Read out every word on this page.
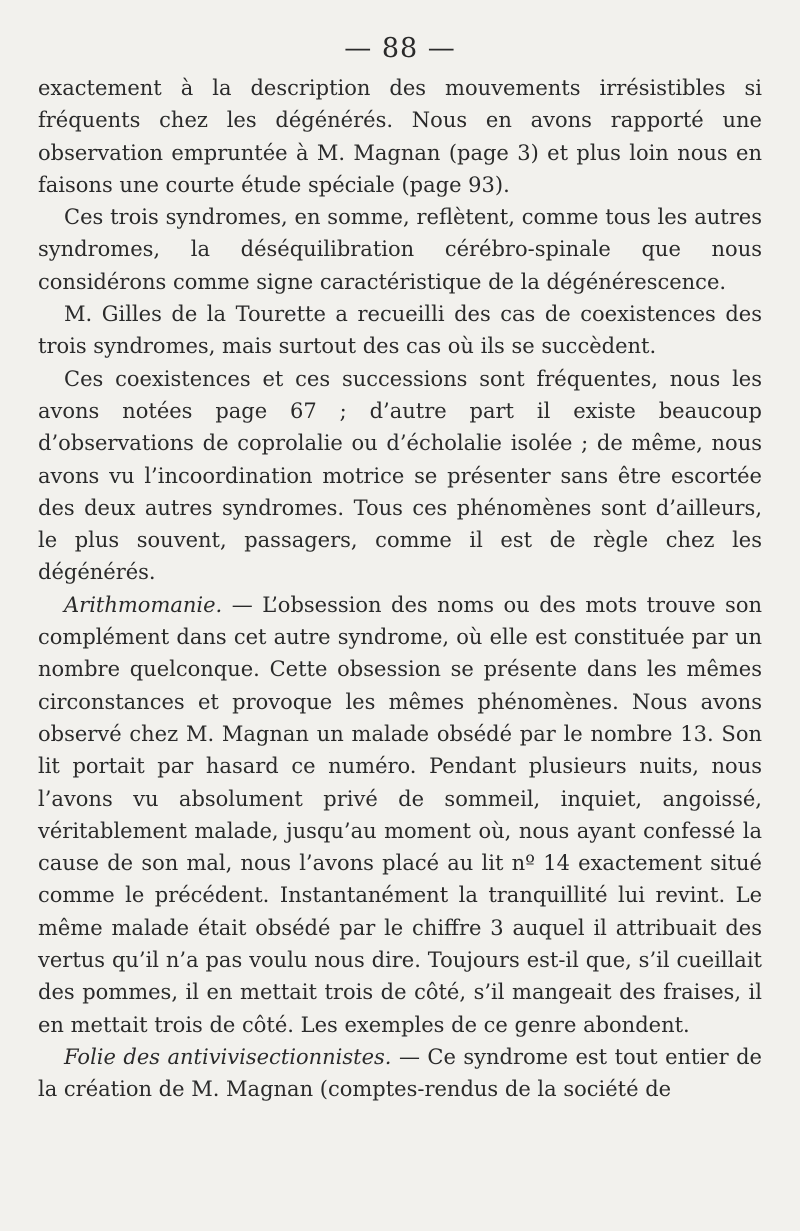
— 88 —

exactement à la description des mouvements irrésistibles si fréquents chez les dégénérés. Nous en avons rapporté une observation empruntée à M. Magnan (page 3) et plus loin nous en faisons une courte étude spéciale (page 93).

Ces trois syndromes, en somme, reflètent, comme tous les autres syndromes, la déséquilibration cérébro-spinale que nous considérons comme signe caractéristique de la dégénérescence.

M. Gilles de la Tourette a recueilli des cas de coexistences des trois syndromes, mais surtout des cas où ils se succèdent.

Ces coexistences et ces successions sont fréquentes, nous les avons notées page 67 ; d’autre part il existe beaucoup d’observations de coprolalie ou d’écholalie isolée ; de même, nous avons vu l’incoordination motrice se présenter sans être escortée des deux autres syndromes. Tous ces phénomènes sont d’ailleurs, le plus souvent, passagers, comme il est de règle chez les dégénérés.

Arithmomanie. — L’obsession des noms ou des mots trouve son complément dans cet autre syndrome, où elle est constituée par un nombre quelconque. Cette obsession se présente dans les mêmes circonstances et provoque les mêmes phénomènes. Nous avons observé chez M. Magnan un malade obsédé par le nombre 13. Son lit portait par hasard ce numéro. Pendant plusieurs nuits, nous l’avons vu absolument privé de sommeil, inquiet, angoissé, véritablement malade, jusqu’au moment où, nous ayant confessé la cause de son mal, nous l’avons placé au lit nº 14 exactement situé comme le précédent. Instantanément la tranquillité lui revint. Le même malade était obsédé par le chiffre 3 auquel il attribuait des vertus qu’il n’a pas voulu nous dire. Toujours est-il que, s’il cueillait des pommes, il en mettait trois de côté, s’il mangeait des fraises, il en mettait trois de côté. Les exemples de ce genre abondent.

Folie des antivivisectionnistes. — Ce syndrome est tout entier de la création de M. Magnan (comptes-rendus de la société de
